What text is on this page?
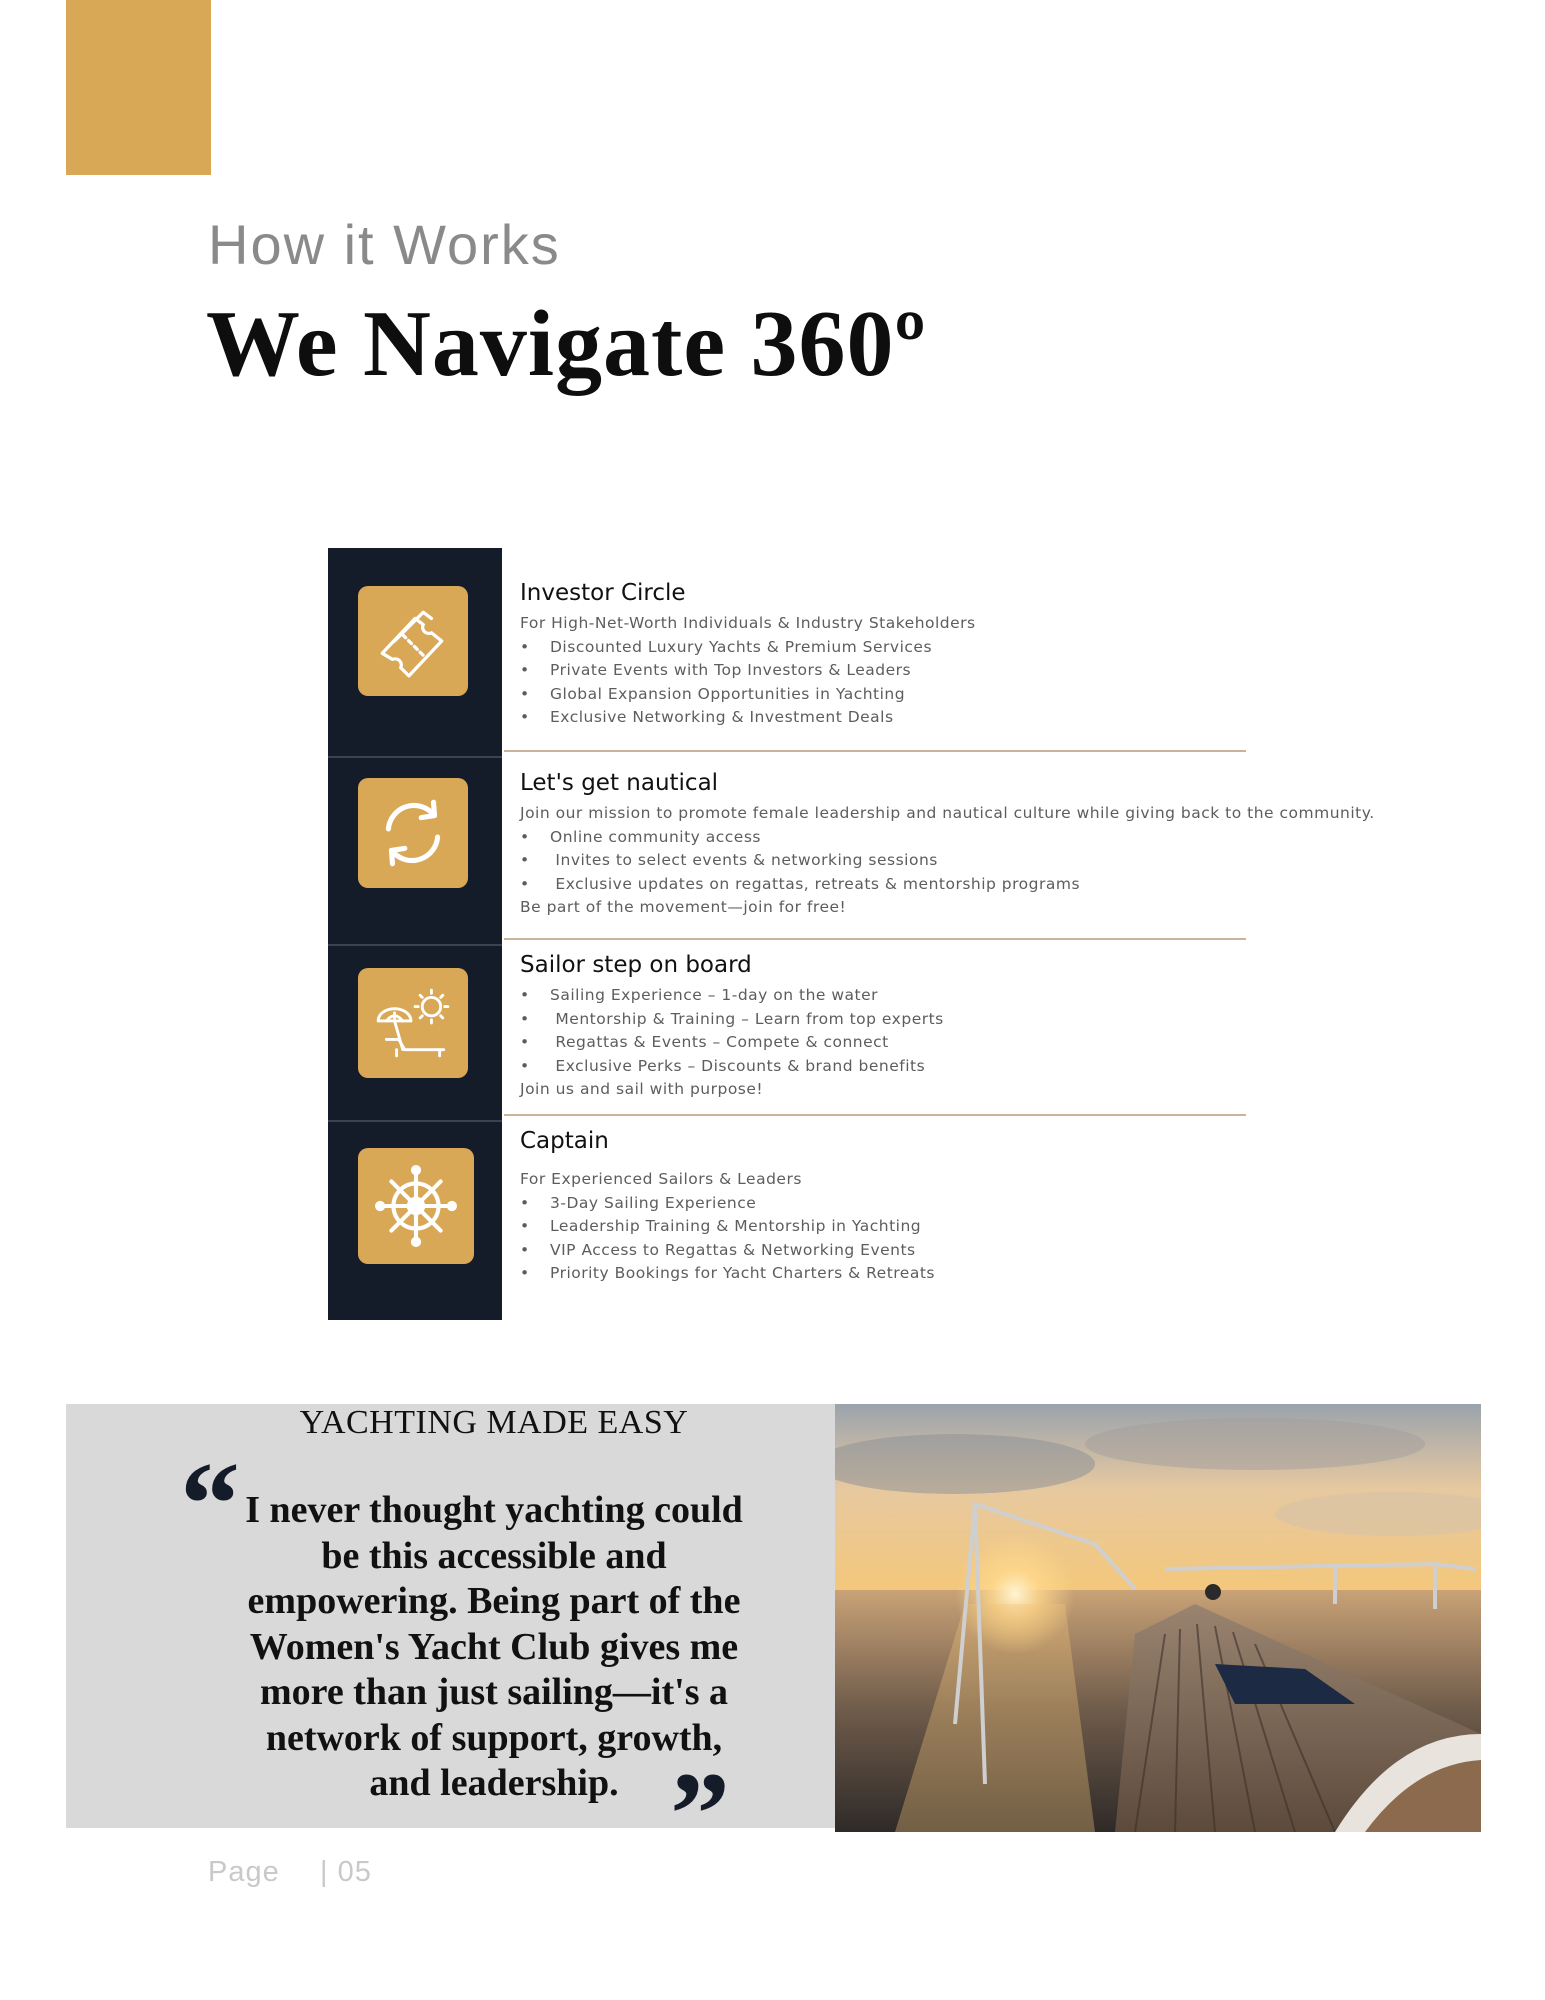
How it Works
We Navigate 360º
Investor Circle
For High-Net-Worth Individuals & Industry Stakeholders
• Discounted Luxury Yachts & Premium Services
• Private Events with Top Investors & Leaders
• Global Expansion Opportunities in Yachting
• Exclusive Networking & Investment Deals
Let's get nautical
Join our mission to promote female leadership and nautical culture while giving back to the community.
• Online community access
• Invites to select events & networking sessions
• Exclusive updates on regattas, retreats & mentorship programs
Be part of the movement—join for free!
Sailor step on board
• Sailing Experience – 1-day on the water
• Mentorship & Training – Learn from top experts
• Regattas & Events – Compete & connect
• Exclusive Perks – Discounts & brand benefits
Join us and sail with purpose!
Captain
For Experienced Sailors & Leaders
• 3-Day Sailing Experience
• Leadership Training & Mentorship in Yachting
• VIP Access to Regattas & Networking Events
• Priority Bookings for Yacht Charters & Retreats
YACHTING MADE EASY
“ I never thought yachting could be this accessible and empowering. Being part of the Women's Yacht Club gives me more than just sailing—it's a network of support, growth, and leadership. ”
Page | 05
